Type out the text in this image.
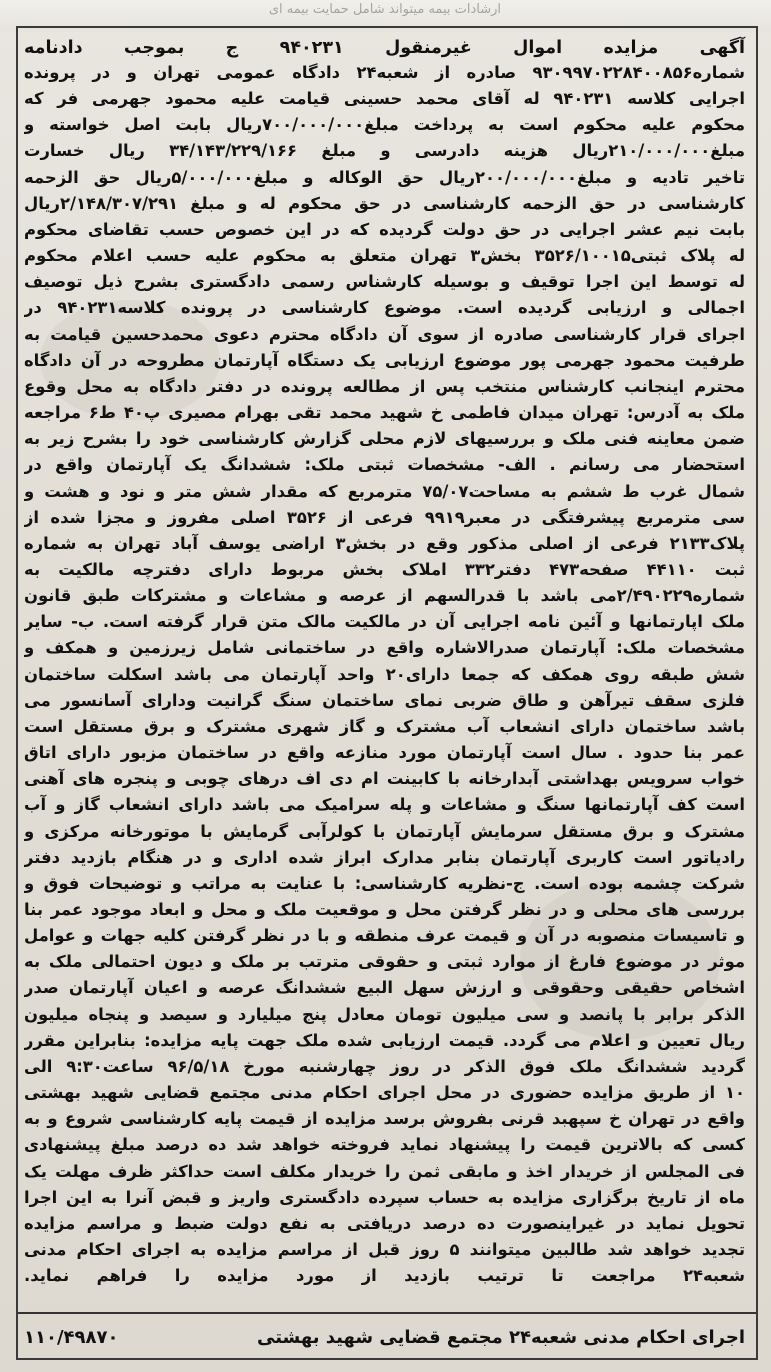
ارشادات بیمه میتواند شامل حمایت بیمه ای
آگهی
مزایده
اموال
غیرمنقول
۹۴۰۲۳۱
ج
بموجب
دادنامه
شماره۹۳۰۹۹۷۰۲۲۸۴۰۰۸۵۶ صادره از شعبه۲۴ دادگاه عمومی تهران و در پرونده
اجرایی کلاسه ۹۴۰۲۳۱ له آقای محمد حسینی قیامت علیه محمود جهرمی فر که
محکوم علیه محکوم است به پرداخت مبلغ۷۰۰/۰۰۰/۰۰۰ریال بابت اصل خواسته و
مبلغ۲۱۰/۰۰۰/۰۰۰ریال هزینه دادرسی و مبلغ ۳۴/۱۴۳/۲۲۹/۱۶۶ ریال خسارت
تاخیر تادیه و مبلغ۲۰۰/۰۰۰/۰۰۰ریال حق الوکاله و مبلغ۵/۰۰۰/۰۰۰ریال حق الزحمه
کارشناسی در حق الزحمه کارشناسی در حق محکوم له و مبلغ ۲/۱۴۸/۳۰۷/۲۹۱ریال
بابت نیم عشر اجرایی در حق دولت گردیده که در این خصوص حسب تقاضای محکوم
له پلاک ثبتی۳۵۲۶/۱۰۰۱۵ بخش۳ تهران متعلق به محکوم علیه حسب اعلام محکوم
له توسط این اجرا توقیف و بوسیله کارشناس رسمی دادگستری بشرح ذیل توصیف
اجمالی و ارزیابی گردیده است. موضوع کارشناسی در پرونده کلاسه۹۴۰۲۳۱ در
اجرای قرار کارشناسی صادره از سوی آن دادگاه محترم دعوی محمدحسین قیامت به
طرفیت محمود جهرمی پور موضوع ارزیابی یک دستگاه آپارتمان مطروحه در آن دادگاه
محترم اینجانب کارشناس منتخب پس از مطالعه پرونده در دفتر دادگاه به محل وقوع
ملک به آدرس: تهران میدان فاطمی خ شهید محمد تقی بهرام مصیری پ۴۰ ط۶ مراجعه
ضمن معاینه فنی ملک و بررسیهای لازم محلی گزارش کارشناسی خود را بشرح زیر به
استحضار می رسانم . الف- مشخصات ثبتی ملک: ششدانگ یک آپارتمان واقع در
شمال غرب ط ششم به مساحت۷۵/۰۷ مترمربع که مقدار شش متر و نود و هشت و
سی مترمربع پیشرفتگی در معبر۹۹۱۹ فرعی از ۳۵۲۶ اصلی مفروز و مجزا شده از
پلاک۲۱۳۳ فرعی از اصلی مذکور وقع در بخش۳ اراضی یوسف آباد تهران به شماره
ثبت ۴۴۱۱۰ صفحه۴۷۳ دفتر۳۳۲ املاک بخش مربوط دارای دفترچه مالکیت به
شماره۲/۴۹۰۲۲۹می باشد با قدرالسهم از عرصه و مشاعات و مشترکات طبق قانون
ملک اپارتمانها و آئین نامه اجرایی آن در مالکیت مالک متن قرار گرفته است. ب- سایر
مشخصات ملک: آپارتمان صدرالاشاره واقع در ساختمانی شامل زیرزمین و همکف و
شش طبقه روی همکف که جمعا دارای۲۰ واحد آپارتمان می باشد اسکلت ساختمان
فلزی سقف تیرآهن و طاق ضربی نمای ساختمان سنگ گرانیت ودارای آسانسور می
باشد ساختمان دارای انشعاب آب مشترک و گاز شهری مشترک و برق مستقل است
عمر بنا حدود . سال است آپارتمان مورد منازعه واقع در ساختمان مزبور دارای اتاق
خواب سرویس بهداشتی آبدارخانه با کابینت ام دی اف درهای چوبی و پنجره های آهنی
است کف آپارتمانها سنگ و مشاعات و پله سرامیک می باشد دارای انشعاب گاز و آب
مشترک و برق مستقل سرمایش آپارتمان با کولرآبی گرمایش با موتورخانه مرکزی و
رادیاتور است کاربری آپارتمان بنابر مدارک ابراز شده اداری و در هنگام بازدید دفتر
شرکت چشمه بوده است. ج-نظریه کارشناسی: با عنایت به مراتب و توضیحات فوق و
بررسی های محلی و در نظر گرفتن محل و موقعیت ملک و محل و ابعاد موجود عمر بنا
و تاسیسات منصوبه در آن و قیمت عرف منطقه و با در نظر گرفتن کلیه جهات و عوامل
موثر در موضوع فارغ از موارد ثبتی و حقوقی مترتب بر ملک و دیون احتمالی ملک به
اشخاص حقیقی وحقوقی و ارزش سهل البیع ششدانگ عرصه و اعیان آپارتمان صدر
الذکر برابر با پانصد و سی میلیون تومان معادل پنج میلیارد و سیصد و پنجاه میلیون
ریال تعیین و اعلام می گردد. قیمت ارزیابی شده ملک جهت پایه مزایده: بنابراین مقرر
گردید ششدانگ ملک فوق الذکر در روز چهارشنبه مورخ ۹۶/۵/۱۸ ساعت۹:۳۰ الی
۱۰ از طریق مزایده حضوری در محل اجرای احکام مدنی مجتمع قضایی شهید بهشتی
واقع در تهران خ سپهبد قرنی بفروش برسد مزایده از قیمت پایه کارشناسی شروع و به
کسی که بالاترین قیمت را پیشنهاد نماید فروخته خواهد شد ده درصد مبلغ پیشنهادی
فی المجلس از خریدار اخذ و مابقی ثمن را خریدار مکلف است حداکثر ظرف مهلت یک
ماه از تاریخ برگزاری مزایده به حساب سپرده دادگستری واریز و قبض آنرا به این اجرا
تحویل نماید در غیراینصورت ده درصد دریافتی به نفع دولت ضبط و مراسم مزایده
تجدید خواهد شد طالبین میتوانند ۵ روز قبل از مراسم مزایده به اجرای احکام مدنی
شعبه۲۴ مراجعت تا ترتیب بازدید از مورد مزایده را فراهم نماید.
اجرای احکام مدنی شعبه۲۴ مجتمع قضایی شهید بهشتی
۱۱۰/۴۹۸۷۰
